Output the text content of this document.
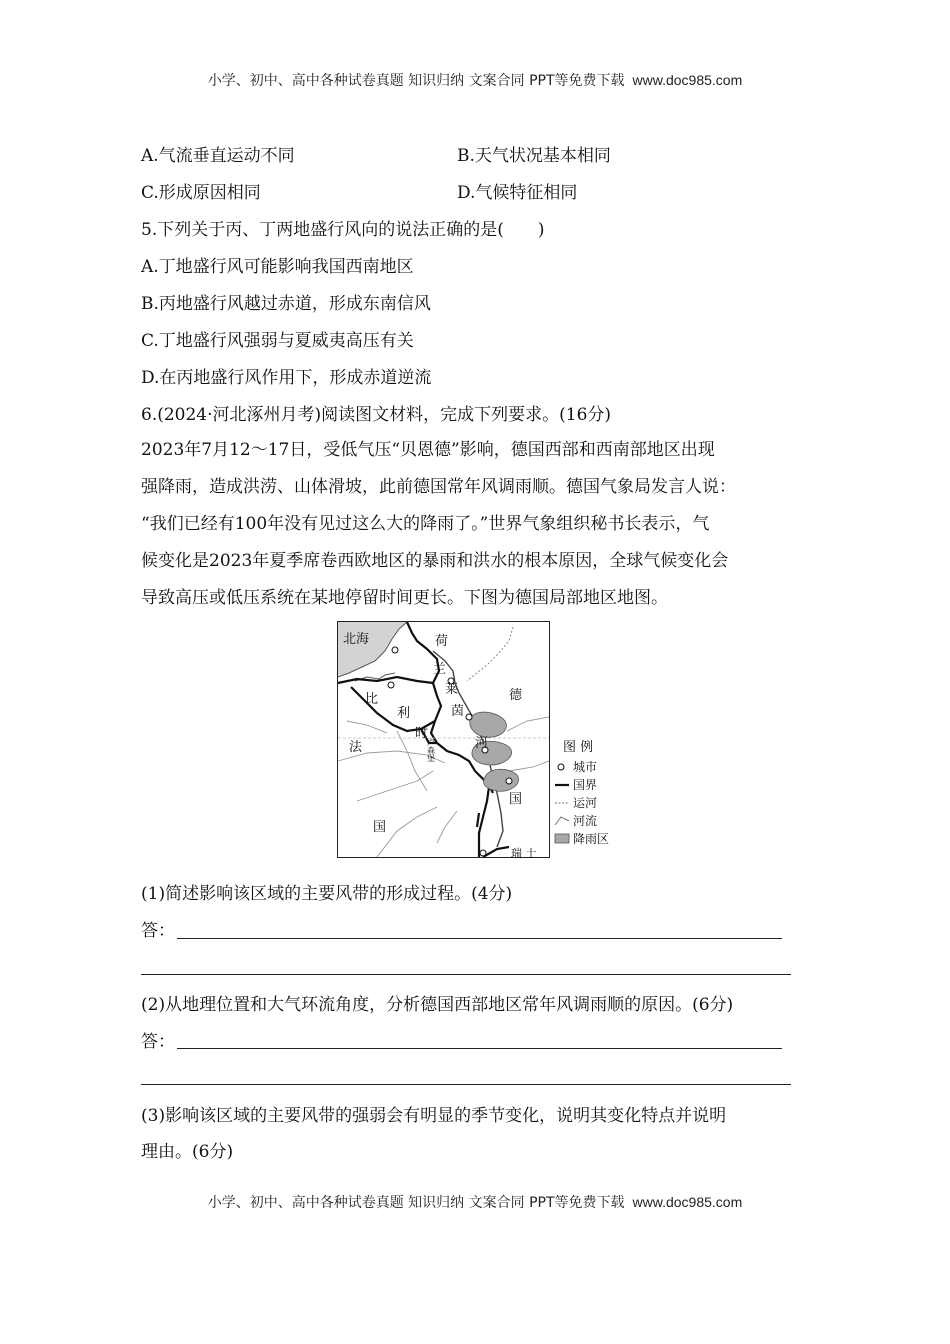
小学、初中、高中各种试卷真题 知识归纳 文案合同 PPT等免费下载 www.doc985.com
A.气流垂直运动不同	B.天气状况基本相同
C.形成原因相同	D.气候特征相同
5.下列关于丙、丁两地盛行风向的说法正确的是(　　)
A.丁地盛行风可能影响我国西南地区
B.丙地盛行风越过赤道，形成东南信风
C.丁地盛行风强弱与夏威夷高压有关
D.在丙地盛行风作用下，形成赤道逆流
6.(2024·河北涿州月考)阅读图文材料，完成下列要求。(16分)
2023年7月12～17日，受低气压“贝恩德”影响，德国西部和西南部地区出现
强降雨，造成洪涝、山体滑坡，此前德国常年风调雨顺。德国气象局发言人说：
“我们已经有100年没有见过这么大的降雨了。”世界气象组织秘书长表示，气
候变化是2023年夏季席卷西欧地区的暴雨和洪水的根本原因，全球气候变化会
导致高压或低压系统在某地停留时间更长。下图为德国局部地区地图。
北海	荷
兰
比
利
时
法
国
莱
茵
河
德
国
卢
森
堡
瑞 士
图 例
城市
国界
运河
河流
降雨区
(1)简述影响该区域的主要风带的形成过程。(4分)
答：
(2)从地理位置和大气环流角度，分析德国西部地区常年风调雨顺的原因。(6分)
答：
(3)影响该区域的主要风带的强弱会有明显的季节变化，说明其变化特点并说明
理由。(6分)
小学、初中、高中各种试卷真题 知识归纳 文案合同 PPT等免费下载 www.doc985.com
